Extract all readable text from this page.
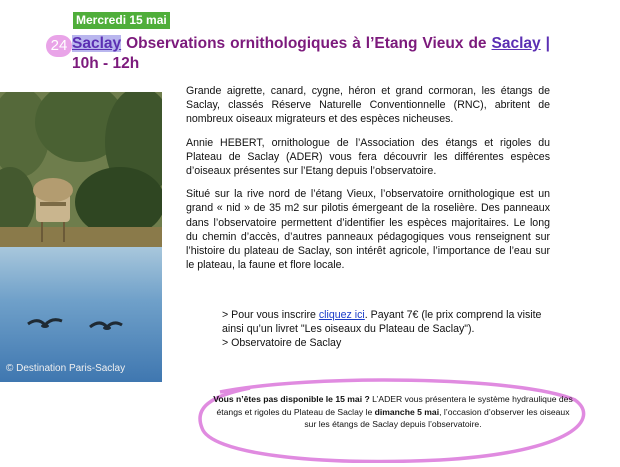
Mercredi 15 mai
24 Saclay Observations ornithologiques à l’Etang Vieux de Saclay | 10h - 12h
© Destination Paris-Saclay

Grande aigrette, canard, cygne, héron et grand cormoran, les étangs de Saclay, classés Réserve Naturelle Conventionnelle (RNC), abritent de nombreux oiseaux migrateurs et des espèces nicheuses.

Annie HEBERT, ornithologue de l’Association des étangs et rigoles du Plateau de Saclay (ADER) vous fera découvrir les différentes espèces d’oiseaux présentes sur l’Etang depuis l’observatoire.

Situé sur la rive nord de l’étang Vieux, l’observatoire ornithologique est un grand « nid » de 35 m2 sur pilotis émergeant de la roselière. Des panneaux dans l’observatoire permettent d’identifier les espèces majoritaires. Le long du chemin d’accès, d’autres panneaux pédagogiques vous renseignent sur l’histoire du plateau de Saclay, son intérêt agricole, l’importance de l’eau sur le plateau, la faune et flore locale.

> Pour vous inscrire cliquez ici. Payant 7€ (le prix comprend la visite ainsi qu’un livret "Les oiseaux du Plateau de Saclay").
> Observatoire de Saclay
Vous n’êtes pas disponible le 15 mai ? L’ADER vous présentera le système hydraulique des étangs et rigoles du Plateau de Saclay le dimanche 5 mai, l’occasion d’observer les oiseaux sur les étangs de Saclay depuis l’observatoire.
